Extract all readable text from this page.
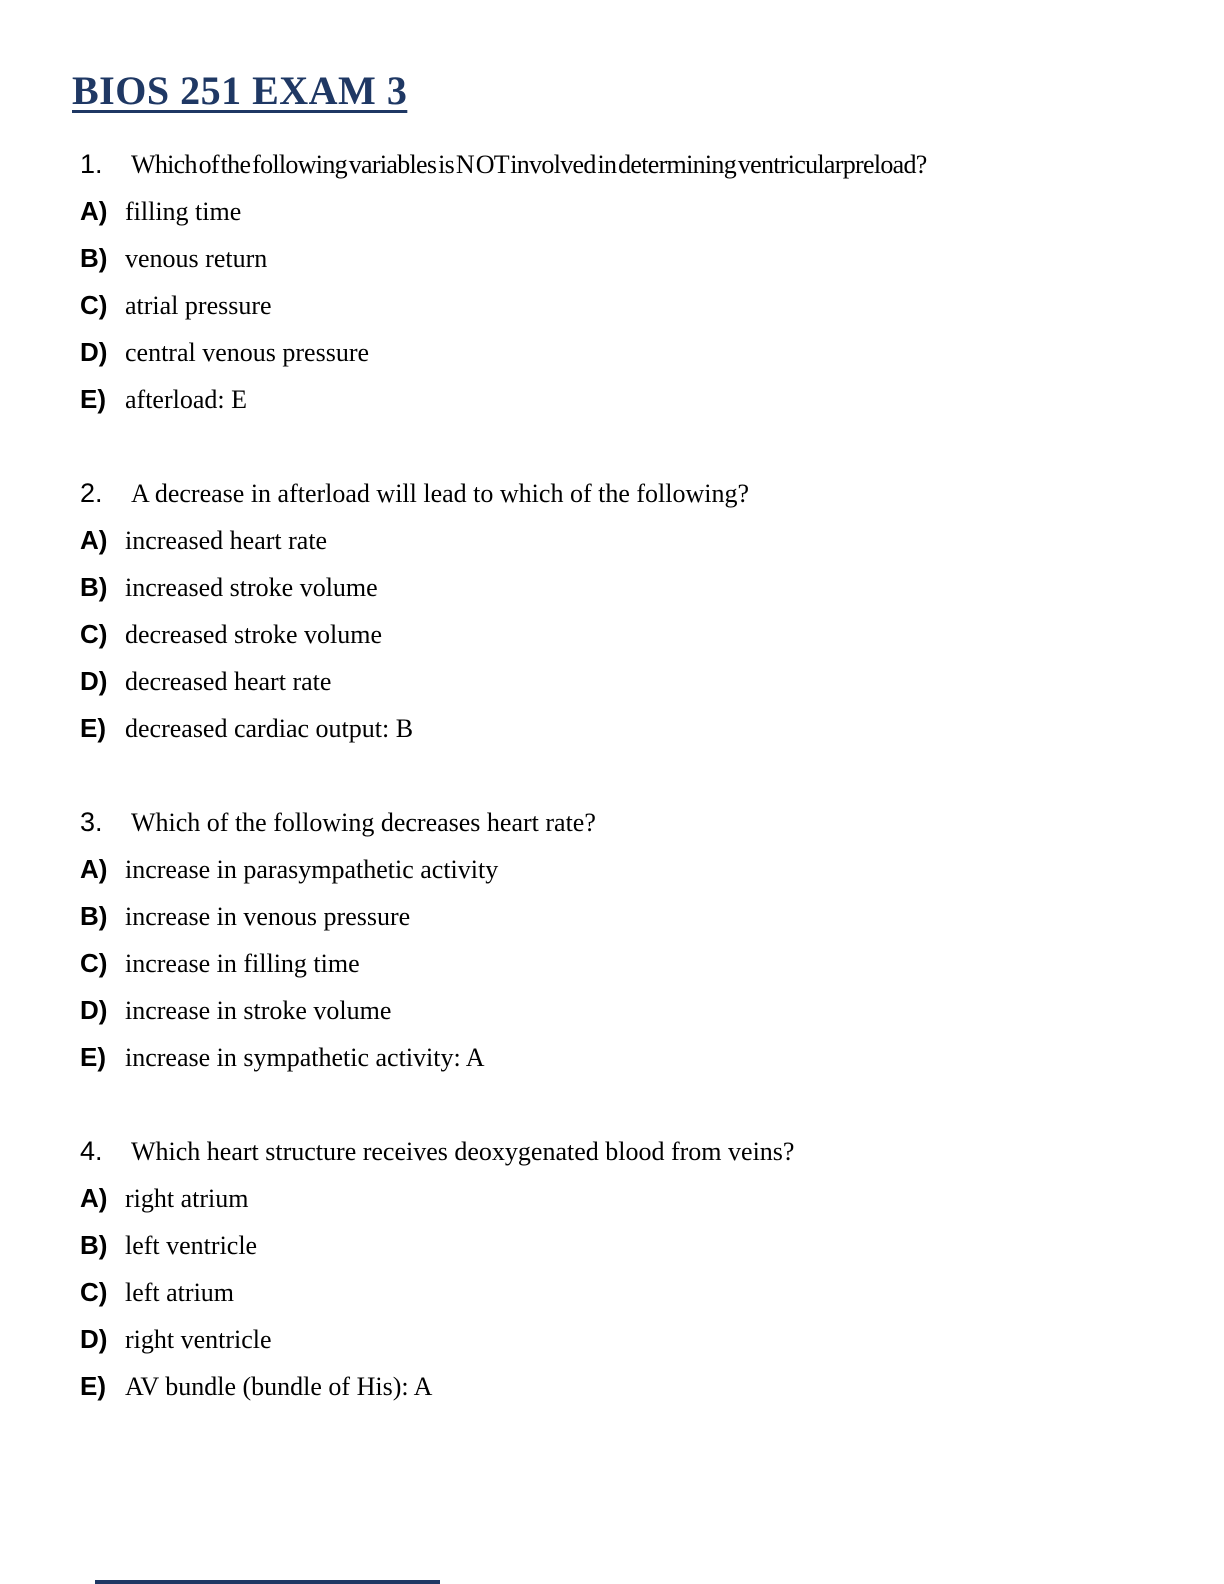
BIOS 251 EXAM 3
1.	Which of the following variables is N OT involved in determining ventricularpreload?
A) filling time
B) venous return
C) atrial pressure
D) central venous pressure
E) afterload: E
2.	A decrease in afterload will lead to which of the following?
A) increased heart rate
B) increased stroke volume
C) decreased stroke volume
D) decreased heart rate
E) decreased cardiac output: B
3.	Which of the following decreases heart rate?
A) increase in parasympathetic activity
B) increase in venous pressure
C) increase in filling time
D) increase in stroke volume
E) increase in sympathetic activity: A
4.	Which heart structure receives deoxygenated blood from veins?
A) right atrium
B) left ventricle
C) left atrium
D) right ventricle
E) AV bundle (bundle of His): A
